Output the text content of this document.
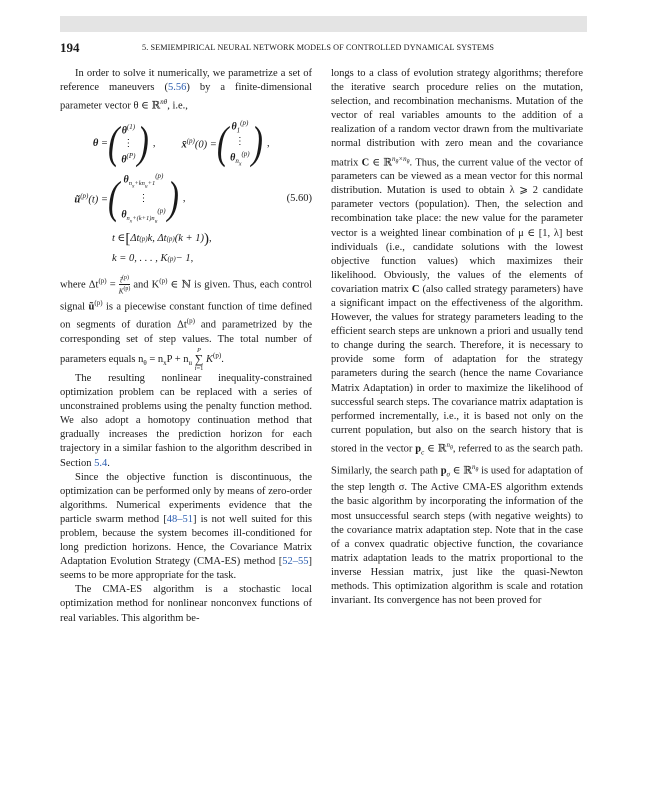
194	5. SEMIEMPIRICAL NEURAL NETWORK MODELS OF CONTROLLED DYNAMICAL SYSTEMS

In order to solve it numerically, we parametrize a set of reference maneuvers (5.56) by a finite-dimensional parameter vector θ ∈ ℝ$^{n\theta}$, i.e.,

θ = ( $\theta^{(1)}$
⋮
$\theta^{(P)}$ ) , x̄$^{(p)}$(0) = ( $\theta_1^{(p)}$
⋮
$\theta_{n_x}^{(p)}$ ) ,
$ũ^{(p)}(t)$ = ( $\theta_{n_x+kn_u+1}^{(p)}$
⋮
$\theta_{n_x+(k+1)n_u}^{(p)}$ ) ,	(5.60)
t ∈ [ Δt (p) k, Δt (p) (k + 1) ) ,
k = 0, . . . , K (p) − 1,

where $\Delta t^{(p)} = \frac{t̄^{(p)}}{K^{(p)}}$ and $K^{(p)}$ ∈ ℕ is given. Thus, each control signal $ũ^{(p)}$ is a piecewise constant function of time defined on segments of duration $\Delta t^{(p)}$ and parametrized by the corresponding set of step values. The total number of parameters equals $n_\theta = n_xP + n_u$
P
∑
i=1
$K^{(p)}$.

The resulting nonlinear inequality-constrained optimization problem can be replaced with a series of unconstrained problems using the penalty function method. We also adopt a homotopy continuation method that gradually increases the prediction horizon for each trajectory in a similar fashion to the algorithm described in Section 5.4.

Since the objective function is discontinuous, the optimization can be performed only by means of zero-order algorithms. Numerical experiments evidence that the particle swarm method [48–51] is not well suited for this problem, because the system becomes ill-conditioned for long prediction horizons. Hence, the Covariance Matrix Adaptation Evolution Strategy (CMA-ES) method [52–55] seems to be more appropriate for the task.

The CMA-ES algorithm is a stochastic local optimization method for nonlinear nonconvex functions of real variables. This algorithm be-

longs to a class of evolution strategy algorithms; therefore the iterative search procedure relies on the mutation, selection, and recombination mechanisms. Mutation of the vector of real variables amounts to the addition of a realization of a random vector drawn from the multivariate normal distribution with zero mean and the covariance matrix C ∈ ℝ$^{n_\theta\times n_\theta}$. Thus, the current value of the vector of parameters can be viewed as a mean vector for this normal distribution. Mutation is used to obtain λ ⩾ 2 candidate parameter vectors (population). Then, the selection and recombination take place: the new value for the parameter vector is a weighted linear combination of μ ∈ [1, λ] best individuals (i.e., candidate solutions with the lowest objective function values) which maximizes their likelihood. Obviously, the values of the elements of covariation matrix C (also called strategy parameters) have a significant impact on the effectiveness of the algorithm. However, the values for strategy parameters leading to the efficient search steps are unknown a priori and usually tend to change during the search. Therefore, it is necessary to provide some form of adaptation for the strategy parameters during the search (hence the name Covariance Matrix Adaptation) in order to maximize the likelihood of successful search steps. The covariance matrix adaptation is performed incrementally, i.e., it is based not only on the current population, but also on the search history that is stored in the vector $p_c$ ∈ ℝ$^{n_\theta}$, referred to as the search path. Similarly, the search path $p_\sigma$ ∈ ℝ$^{n_\theta}$ is used for adaptation of the step length σ. The Active CMA-ES algorithm extends the basic algorithm by incorporating the information of the most unsuccessful search steps (with negative weights) to the covariance matrix adaptation step. Note that in the case of a convex quadratic objective function, the covariance matrix adaptation leads to the matrix proportional to the inverse Hessian matrix, just like the quasi-Newton methods. This optimization algorithm is scale and rotation invariant. Its convergence has not been proved for
